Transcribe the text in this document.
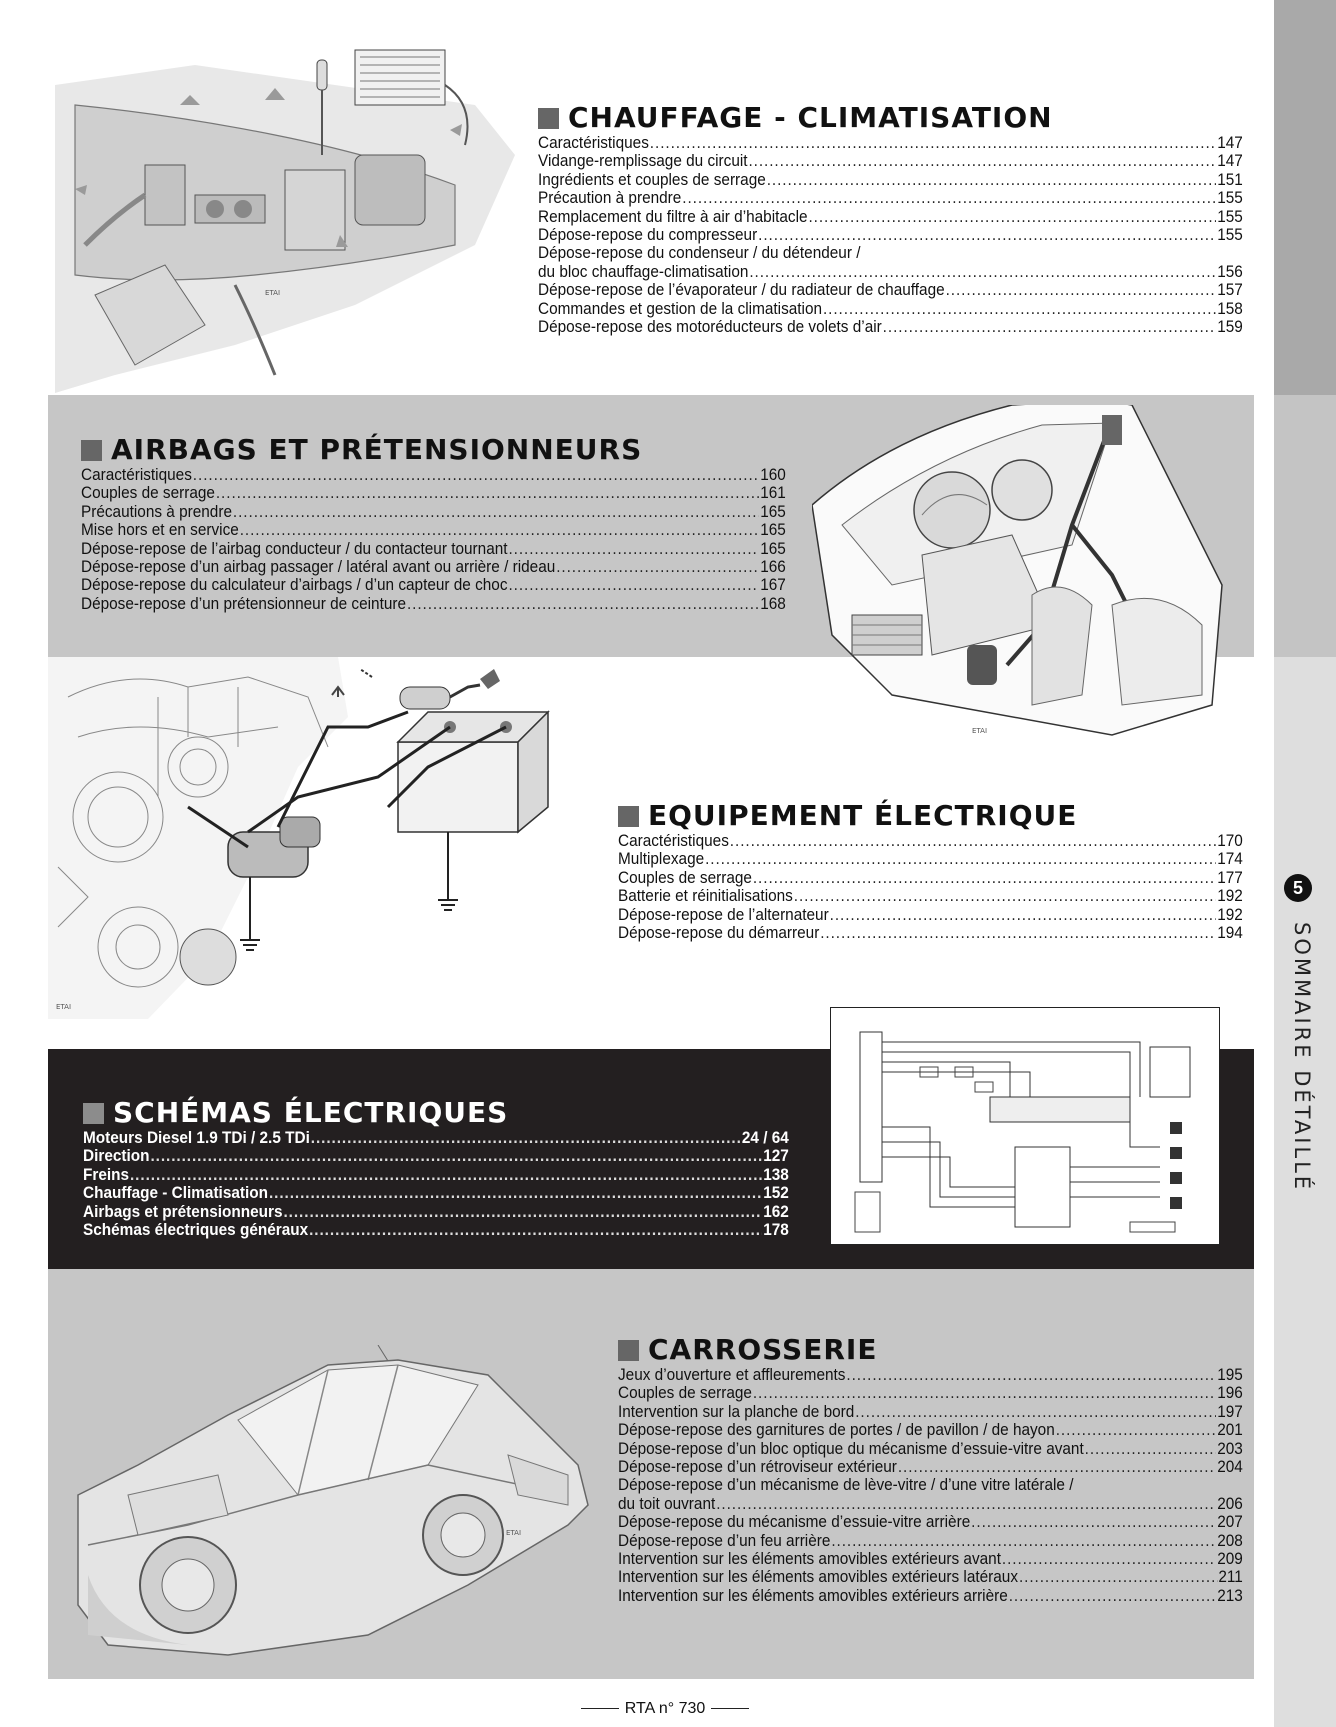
5
SOMMAIRE DÉTAILLÉ
ETAI
CHAUFFAGE - CLIMATISATION
Caractéristiques .....	147
Vidange-remplissage du circuit .....	147
Ingrédients et couples de serrage .....	151
Précaution à prendre .....	155
Remplacement du filtre à air d’habitacle .....	155
Dépose-repose du compresseur .....	155
Dépose-repose du condenseur / du détendeur /
du bloc chauffage-climatisation .....	156
Dépose-repose de l’évaporateur / du radiateur de chauffage .....	157
Commandes et gestion de la climatisation .....	158
Dépose-repose des motoréducteurs de volets d’air .....	159
AIRBAGS ET PRÉTENSIONNEURS
Caractéristiques .....	160
Couples de serrage .....	161
Précautions à prendre .....	165
Mise hors et en service .....	165
Dépose-repose de l’airbag conducteur / du contacteur tournant .....	165
Dépose-repose d’un airbag passager / latéral avant ou arrière / rideau .....	166
Dépose-repose du calculateur d’airbags / d’un capteur de choc .....	167
Dépose-repose d’un prétensionneur de ceinture .....	168
ETAI
ETAI
EQUIPEMENT ÉLECTRIQUE
Caractéristiques .....	170
Multiplexage .....	174
Couples de serrage .....	177
Batterie et réinitialisations .....	192
Dépose-repose de l’alternateur .....	192
Dépose-repose du démarreur .....	194
SCHÉMAS ÉLECTRIQUES
Moteurs Diesel 1.9 TDi / 2.5 TDi .....	24 / 64
Direction .....	127
Freins .....	138
Chauffage - Climatisation .....	152
Airbags et prétensionneurs .....	162
Schémas électriques généraux .....	178
ETAI
CARROSSERIE
Jeux d’ouverture et affleurements .....	195
Couples de serrage .....	196
Intervention sur la planche de bord .....	197
Dépose-repose des garnitures de portes / de pavillon / de hayon .....	201
Dépose-repose d’un bloc optique du mécanisme d’essuie-vitre avant .....	203
Dépose-repose d’un rétroviseur extérieur .....	204
Dépose-repose d’un mécanisme de lève-vitre / d’une vitre latérale /
du toit ouvrant .....	206
Dépose-repose du mécanisme d’essuie-vitre arrière .....	207
Dépose-repose d’un feu arrière .....	208
Intervention sur les éléments amovibles extérieurs avant .....	209
Intervention sur les éléments amovibles extérieurs latéraux .....	211
Intervention sur les éléments amovibles extérieurs arrière .....	213
RTA n° 730
